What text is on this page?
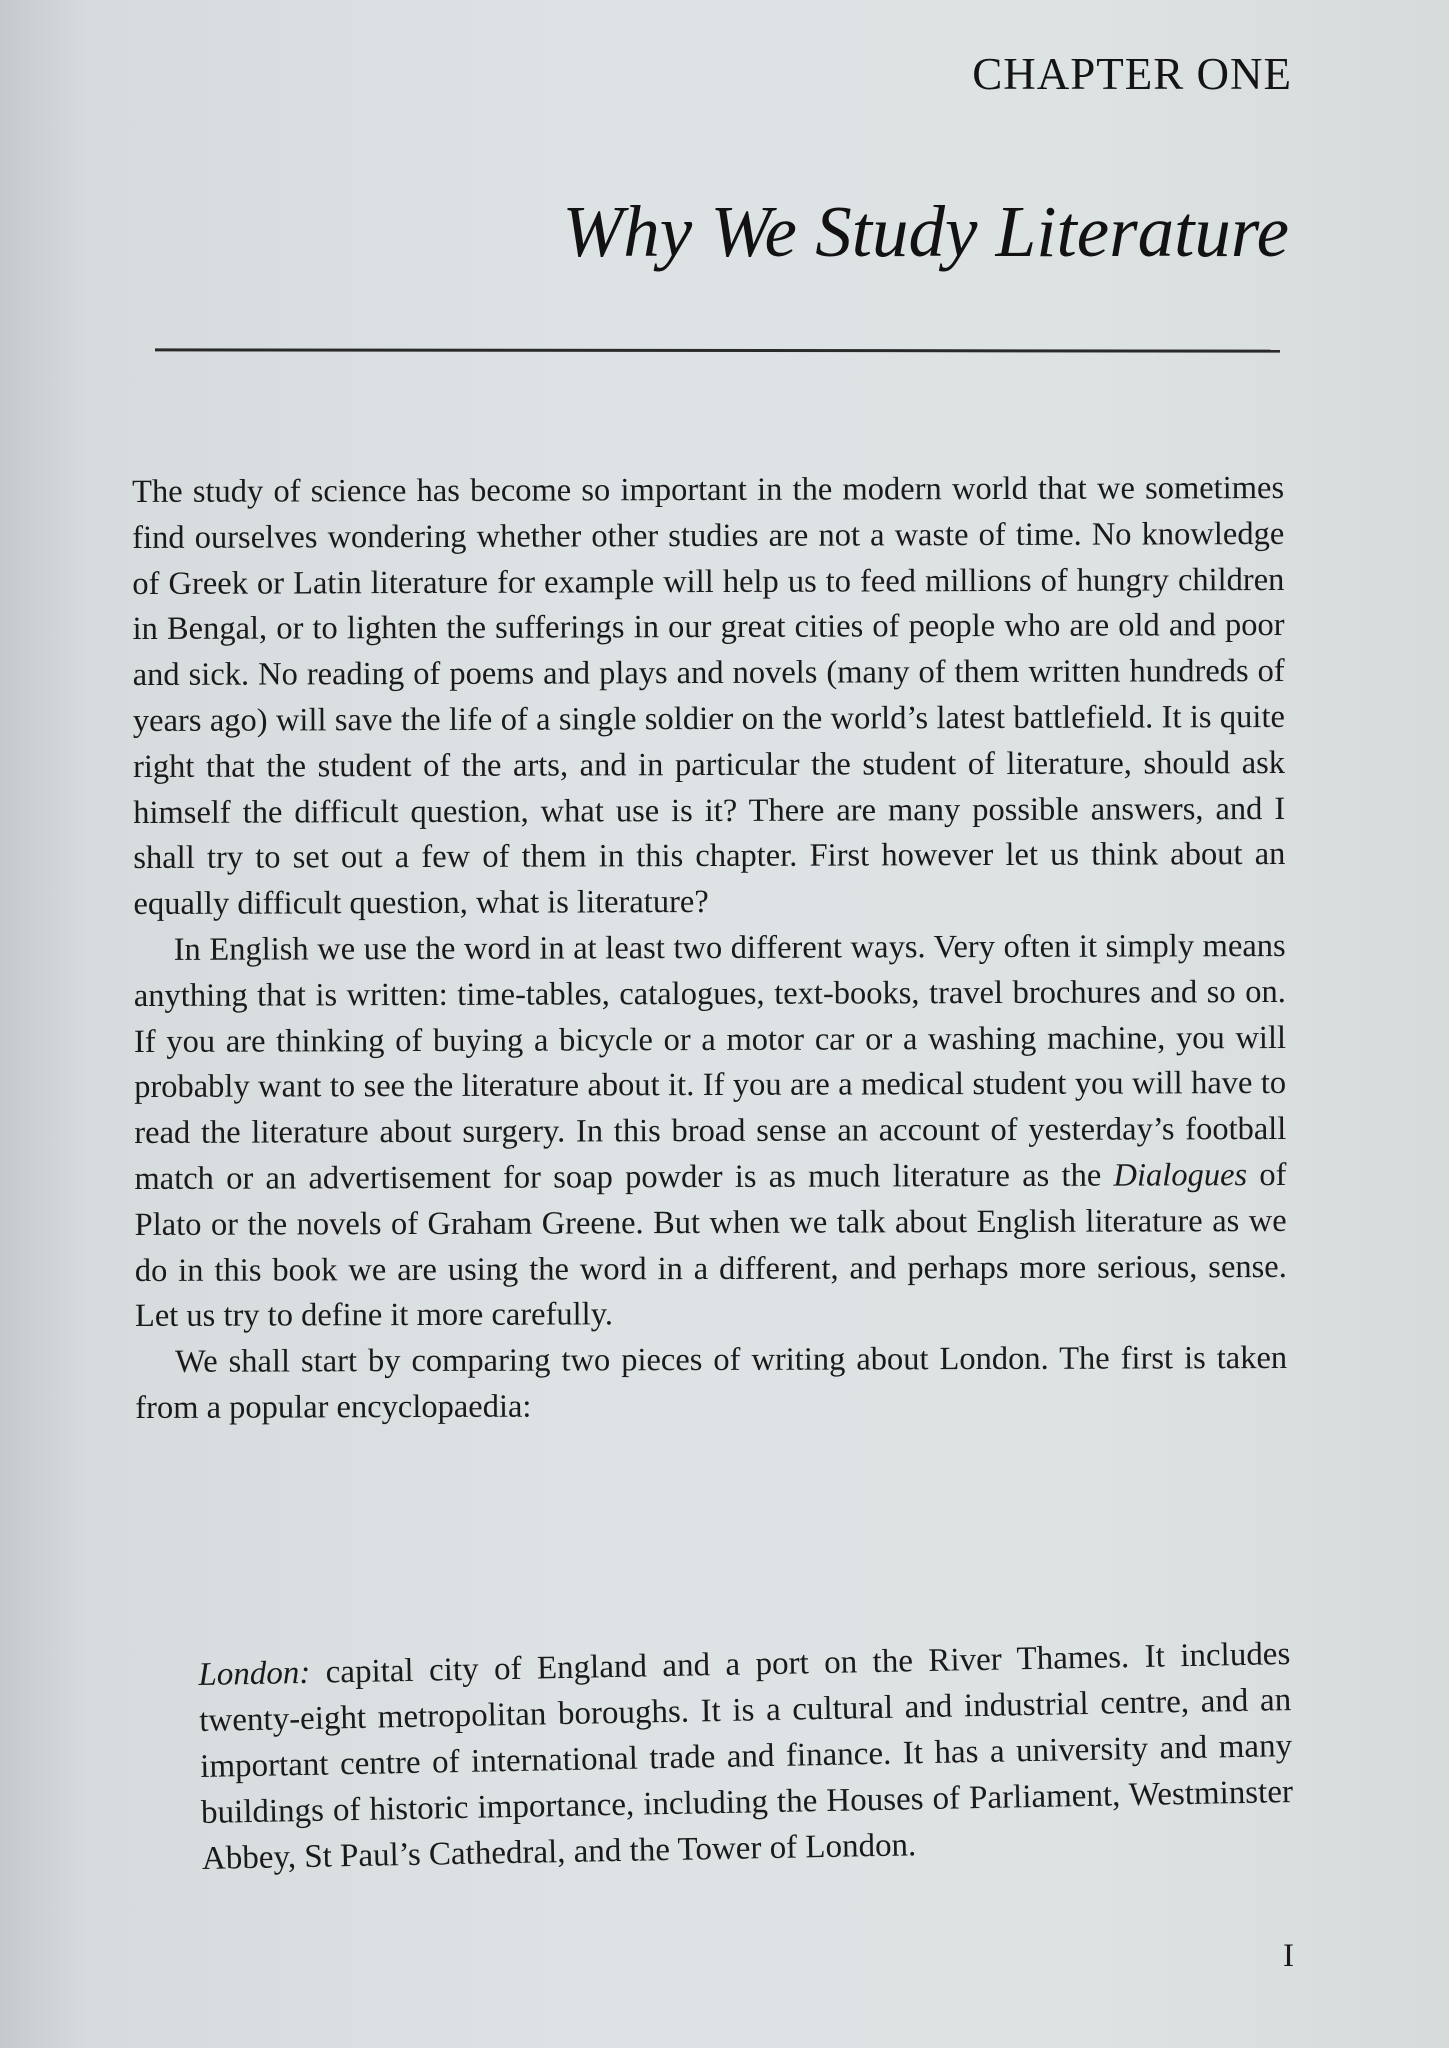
CHAPTER ONE
Why We Study Literature

The study of science has become so important in the modern world that we sometimes find ourselves wondering whether other studies are not a waste of time. No knowledge of Greek or Latin literature for example will help us to feed millions of hungry children in Bengal, or to lighten the sufferings in our great cities of people who are old and poor and sick. No reading of poems and plays and novels (many of them written hundreds of years ago) will save the life of a single soldier on the world’s latest battlefield. It is quite right that the student of the arts, and in particular the student of literature, should ask himself the difficult question, what use is it? There are many possible answers, and I shall try to set out a few of them in this chapter. First however let us think about an equally difficult question, what is literature?

In English we use the word in at least two different ways. Very often it simply means anything that is written: time-tables, catalogues, text-books, travel brochures and so on. If you are thinking of buying a bicycle or a motor car or a washing machine, you will probably want to see the literature about it. If you are a medical student you will have to read the literature about surgery. In this broad sense an account of yesterday’s football match or an advertisement for soap powder is as much literature as the Dialogues of Plato or the novels of Graham Greene. But when we talk about English literature as we do in this book we are using the word in a different, and perhaps more serious, sense. Let us try to define it more carefully.

We shall start by comparing two pieces of writing about London. The first is taken from a popular encyclopaedia:

London: capital city of England and a port on the River Thames. It includes twenty-eight metropolitan boroughs. It is a cultural and industrial centre, and an important centre of international trade and finance. It has a university and many buildings of historic importance, including the Houses of Parliament, Westminster Abbey, St Paul’s Cathedral, and the Tower of London.

I
